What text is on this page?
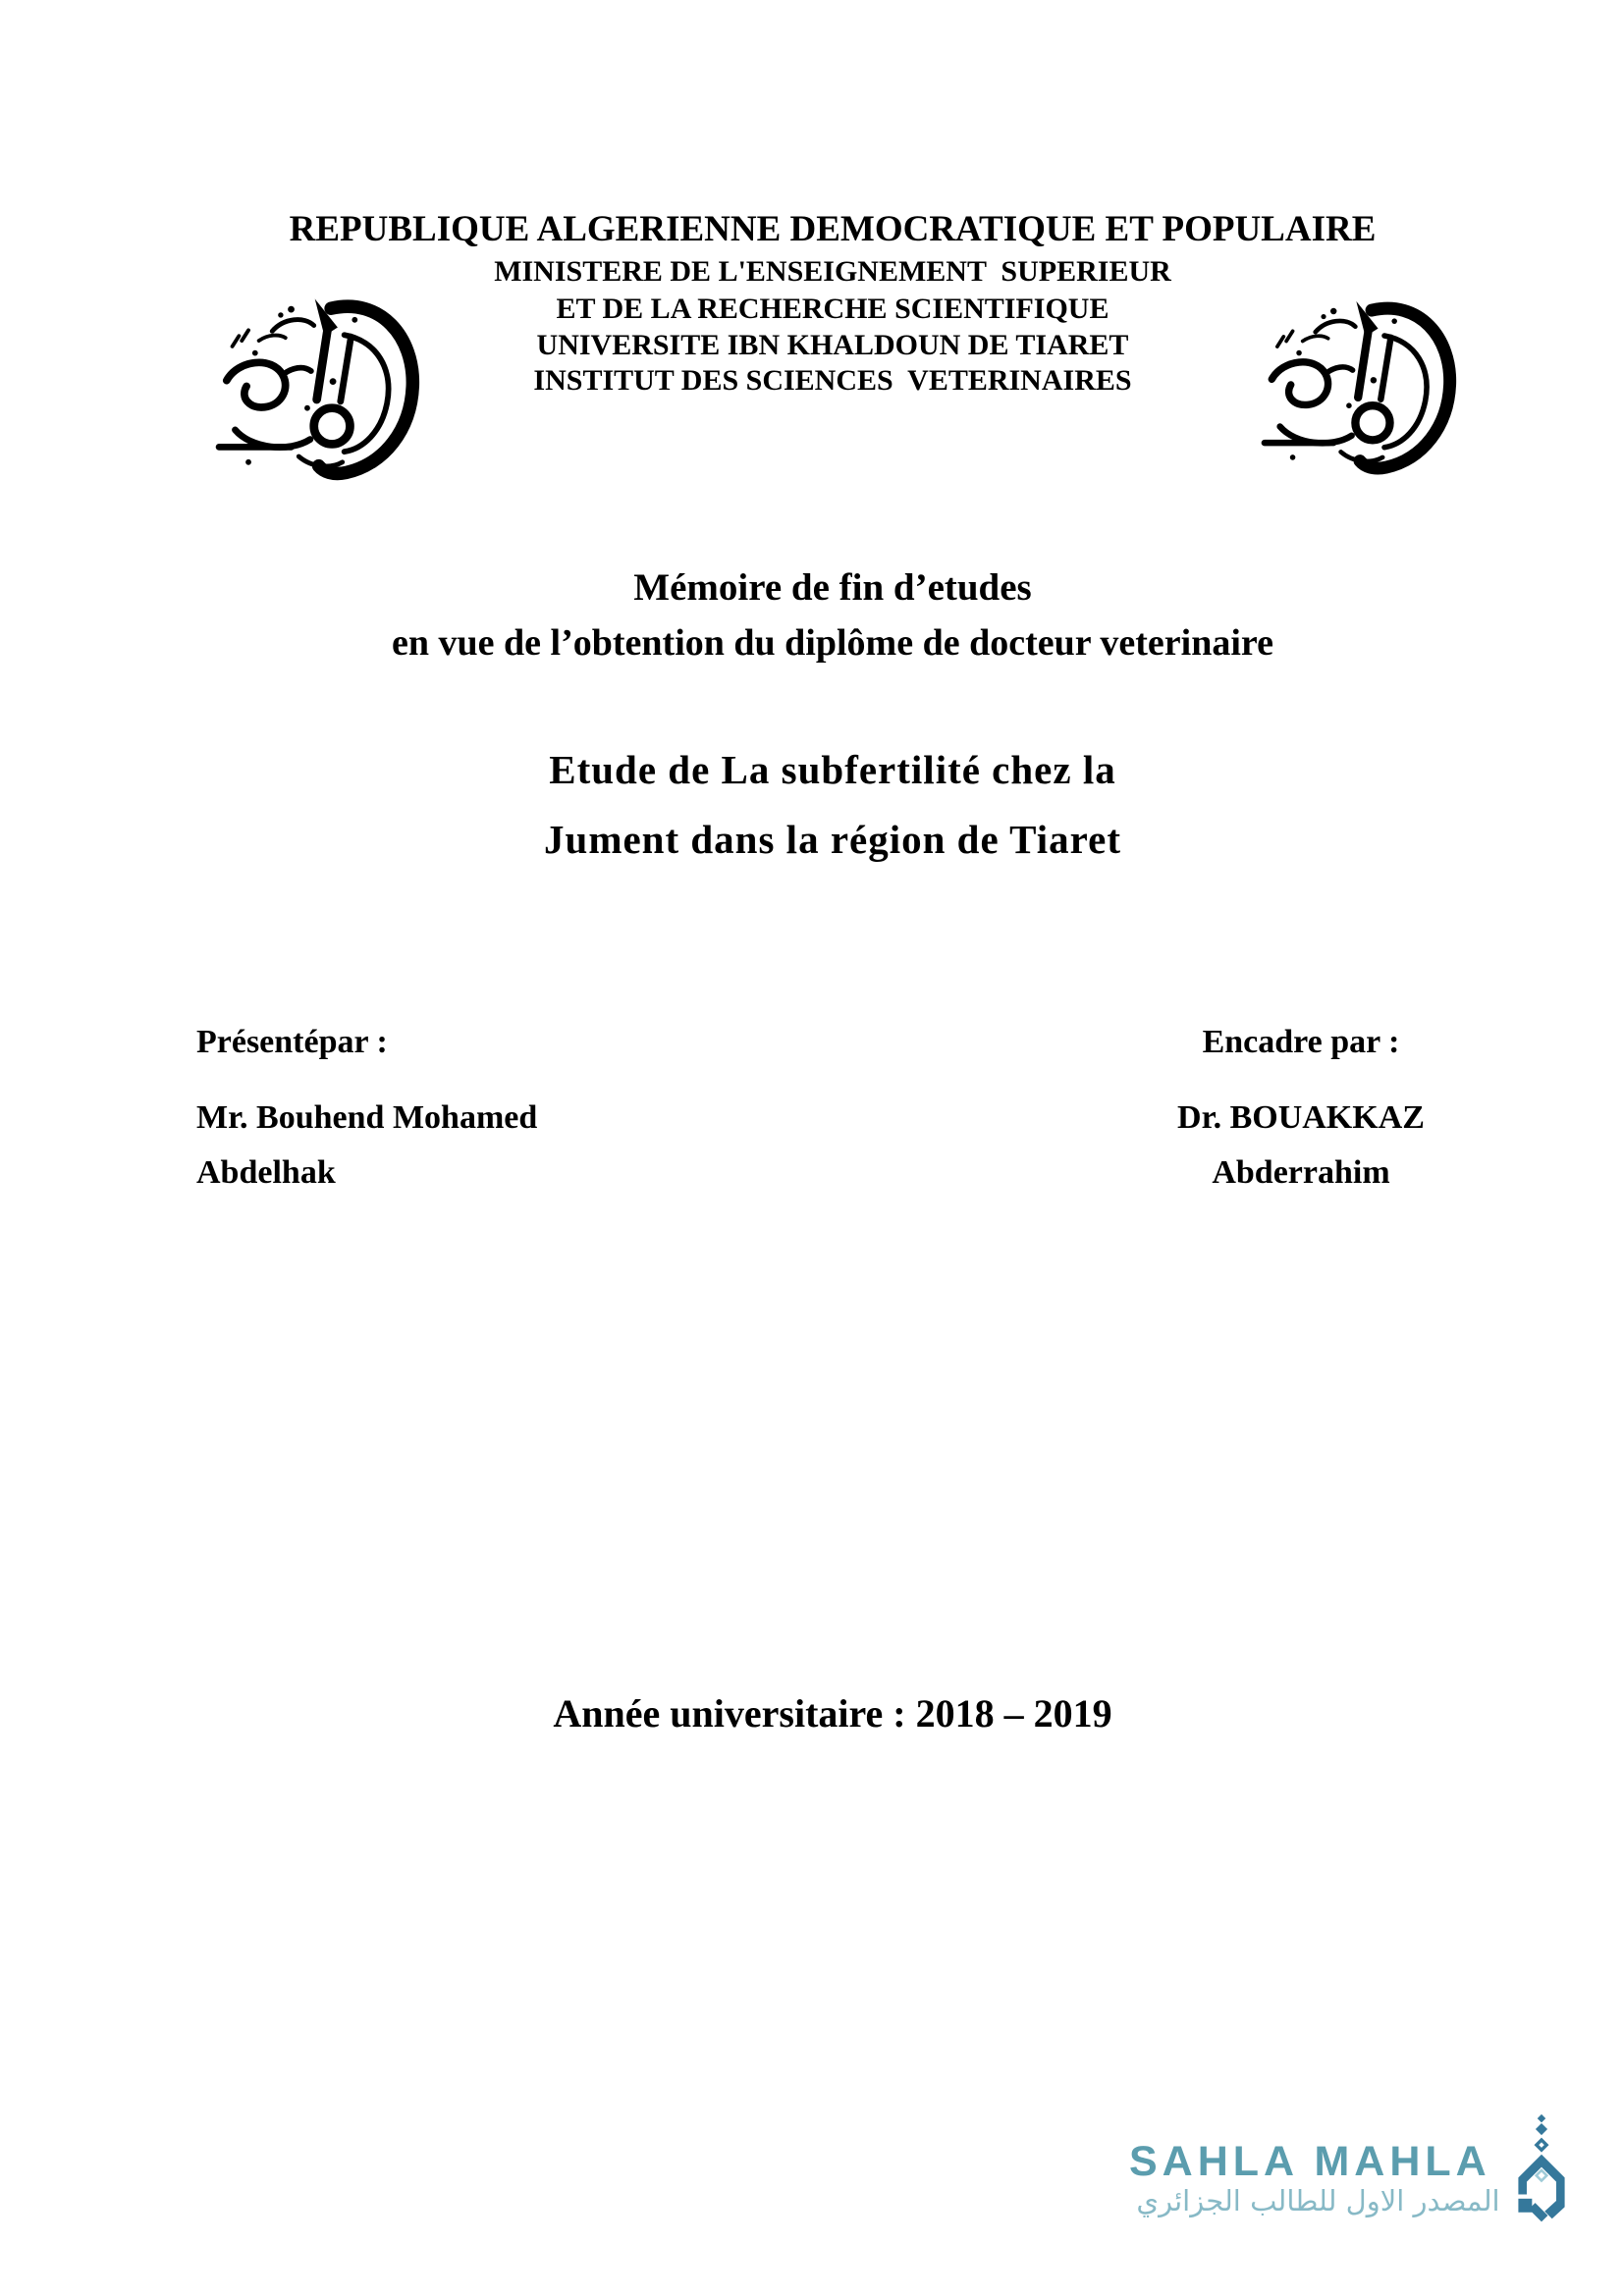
REPUBLIQUE ALGERIENNE DEMOCRATIQUE ET POPULAIRE
MINISTERE DE L'ENSEIGNEMENT  SUPERIEUR
ET DE LA RECHERCHE SCIENTIFIQUE
UNIVERSITE IBN KHALDOUN DE TIARET
INSTITUT DES SCIENCES  VETERINAIRES
Mémoire de fin d’etudes
en vue de l’obtention du diplôme de docteur veterinaire
Etude de La subfertilité chez la
Jument dans la région de Tiaret
Présentépar :	Encadre par :
Mr. Bouhend Mohamed
Abdelhak
Dr. BOUAKKAZ
Abderrahim
Année universitaire : 2018 – 2019
SAHLA MAHLA
المصدر الاول للطالب الجزائري
